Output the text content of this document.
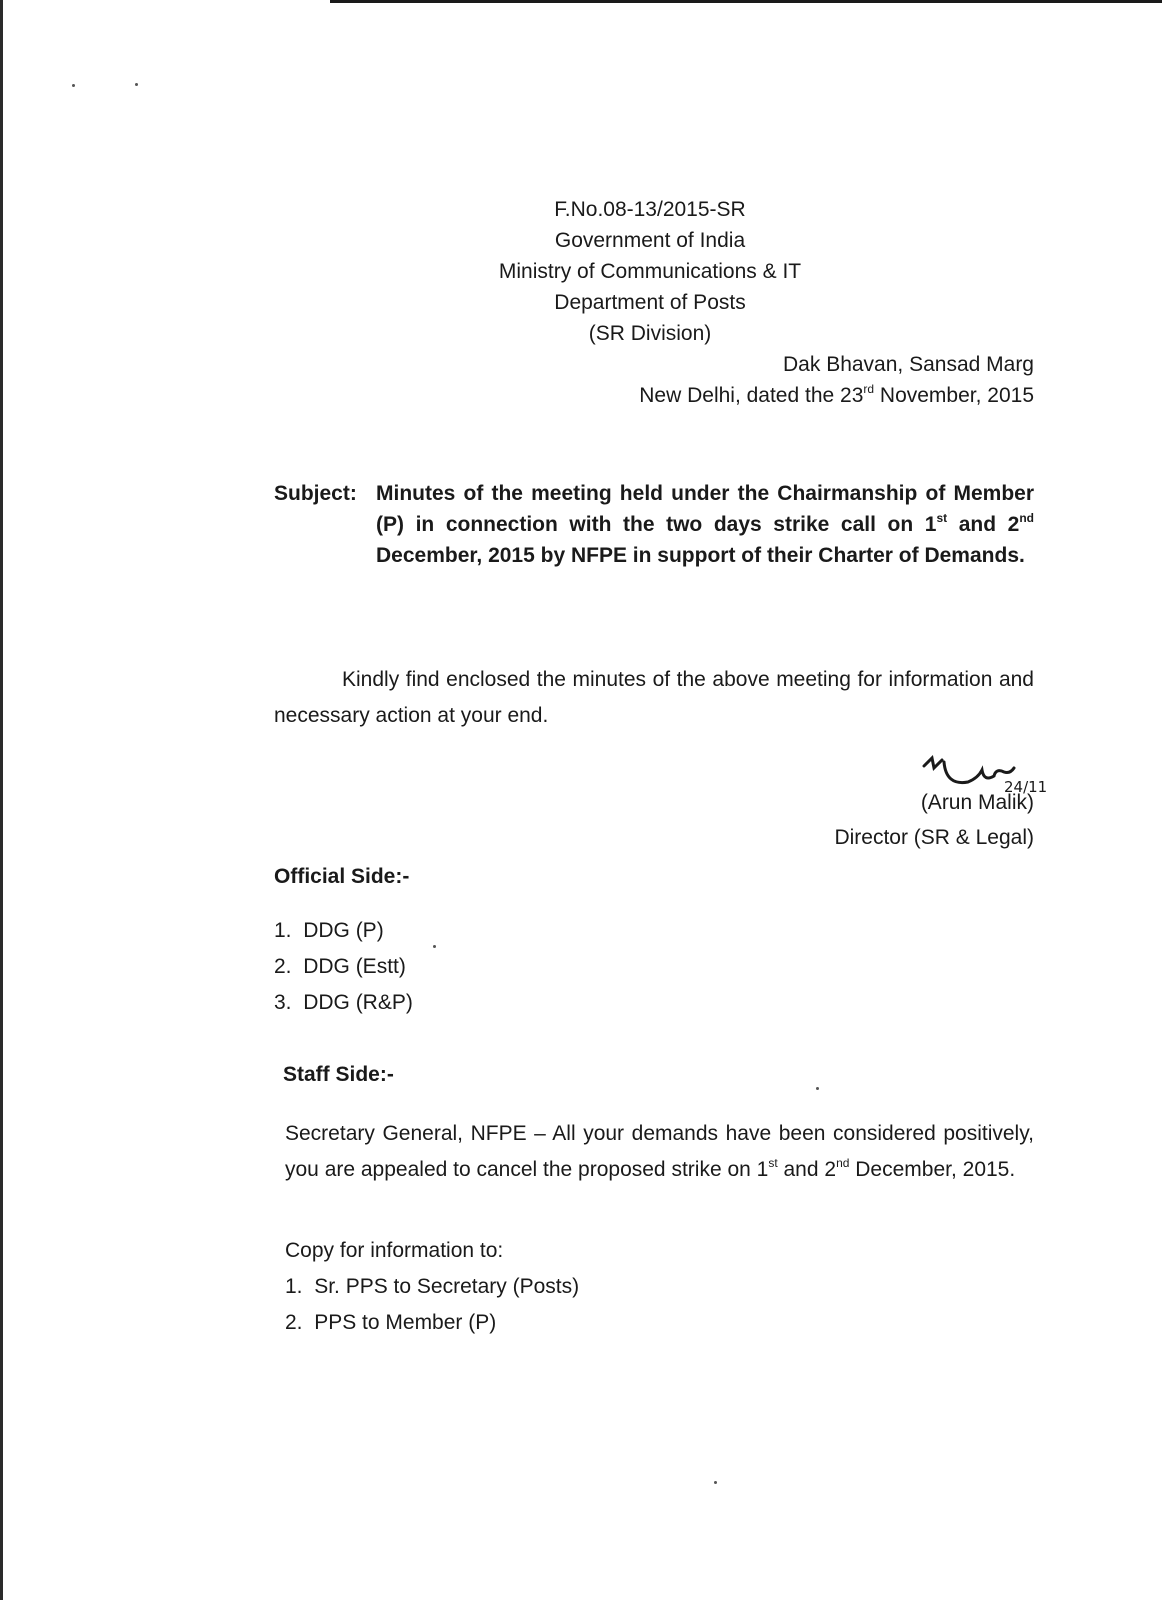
F.No.08-13/2015-SR
Government of India
Ministry of Communications & IT
Department of Posts
(SR Division)
Dak Bhavan, Sansad Marg
New Delhi, dated the 23rd November, 2015
Subject: Minutes of the meeting held under the Chairmanship of Member (P) in connection with the two days strike call on 1st and 2nd December, 2015 by NFPE in support of their Charter of Demands.
Kindly find enclosed the minutes of the above meeting for information and necessary action at your end.
24/11
(Arun Malik)
Director (SR & Legal)
Official Side:-
1.  DDG (P)
2.  DDG (Estt)
3.  DDG (R&P)
Staff Side:-
Secretary General, NFPE – All your demands have been considered positively, you are appealed to cancel the proposed strike on 1st and 2nd December, 2015.
Copy for information to:
1.  Sr. PPS to Secretary (Posts)
2.  PPS to Member (P)
